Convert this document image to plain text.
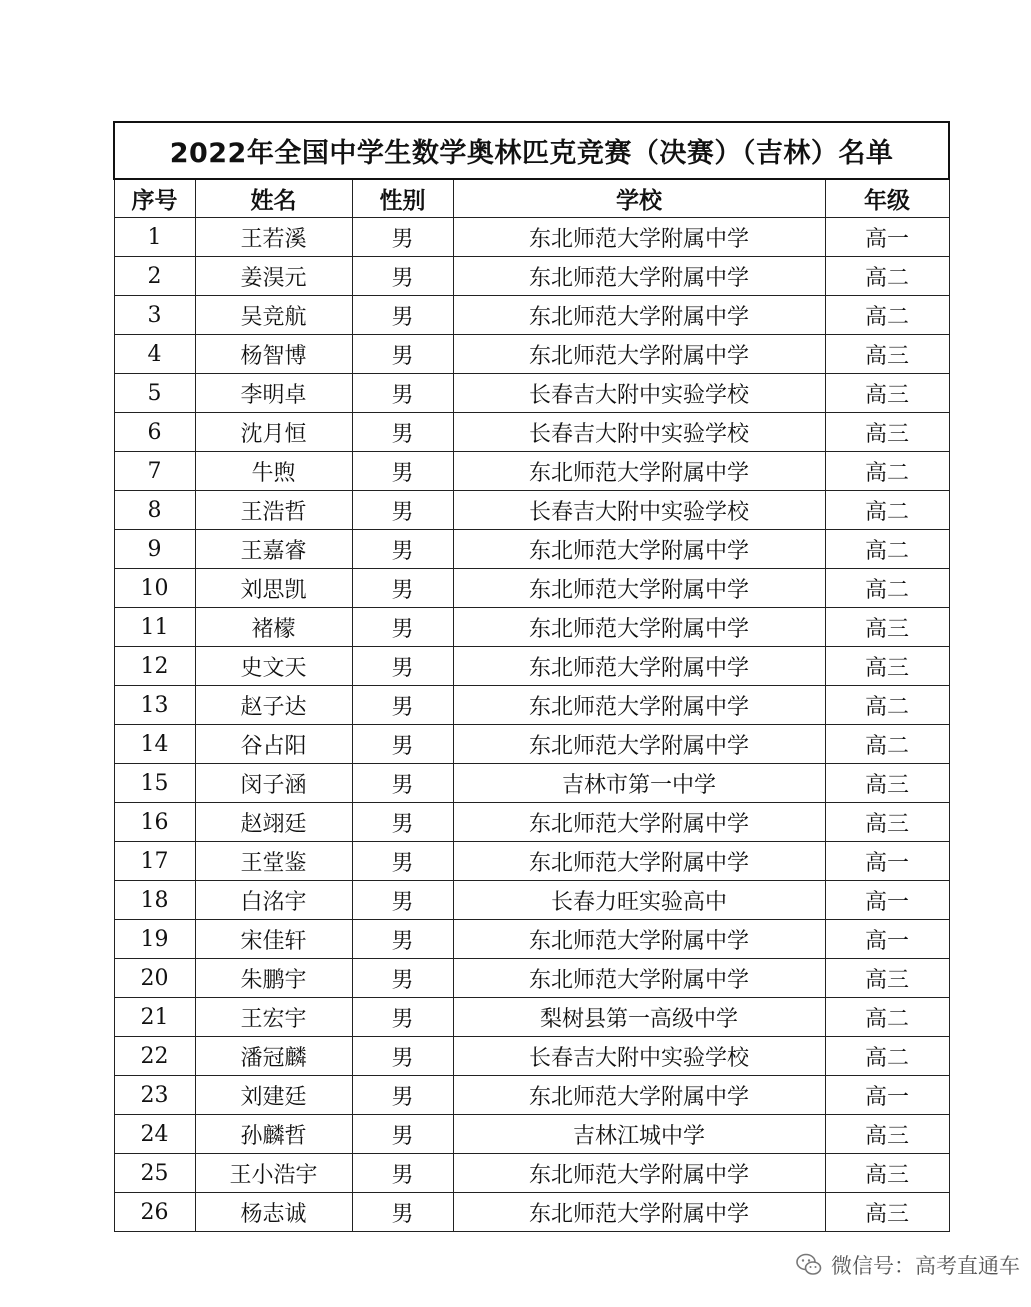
2022年全国中学生数学奥林匹克竞赛（决赛）（吉林）名单				
序号	姓名	性别	学校	年级
1	王若溪	男	东北师范大学附属中学	高一
2	姜淏元	男	东北师范大学附属中学	高二
3	吴竞航	男	东北师范大学附属中学	高二
4	杨智博	男	东北师范大学附属中学	高三
5	李明卓	男	长春吉大附中实验学校	高三
6	沈月恒	男	长春吉大附中实验学校	高三
7	牛煦	男	东北师范大学附属中学	高二
8	王浩哲	男	长春吉大附中实验学校	高二
9	王嘉睿	男	东北师范大学附属中学	高二
10	刘思凯	男	东北师范大学附属中学	高二
11	褚檬	男	东北师范大学附属中学	高三
12	史文天	男	东北师范大学附属中学	高三
13	赵子达	男	东北师范大学附属中学	高二
14	谷占阳	男	东北师范大学附属中学	高二
15	闵子涵	男	吉林市第一中学	高三
16	赵翊廷	男	东北师范大学附属中学	高三
17	王堂鉴	男	东北师范大学附属中学	高一
18	白洺宇	男	长春力旺实验高中	高一
19	宋佳轩	男	东北师范大学附属中学	高一
20	朱鹏宇	男	东北师范大学附属中学	高三
21	王宏宇	男	梨树县第一高级中学	高二
22	潘冠麟	男	长春吉大附中实验学校	高二
23	刘建廷	男	东北师范大学附属中学	高一
24	孙麟哲	男	吉林江城中学	高三
25	王小浩宇	男	东北师范大学附属中学	高三
26	杨志诚	男	东北师范大学附属中学	高三
微信号：高考直通车
